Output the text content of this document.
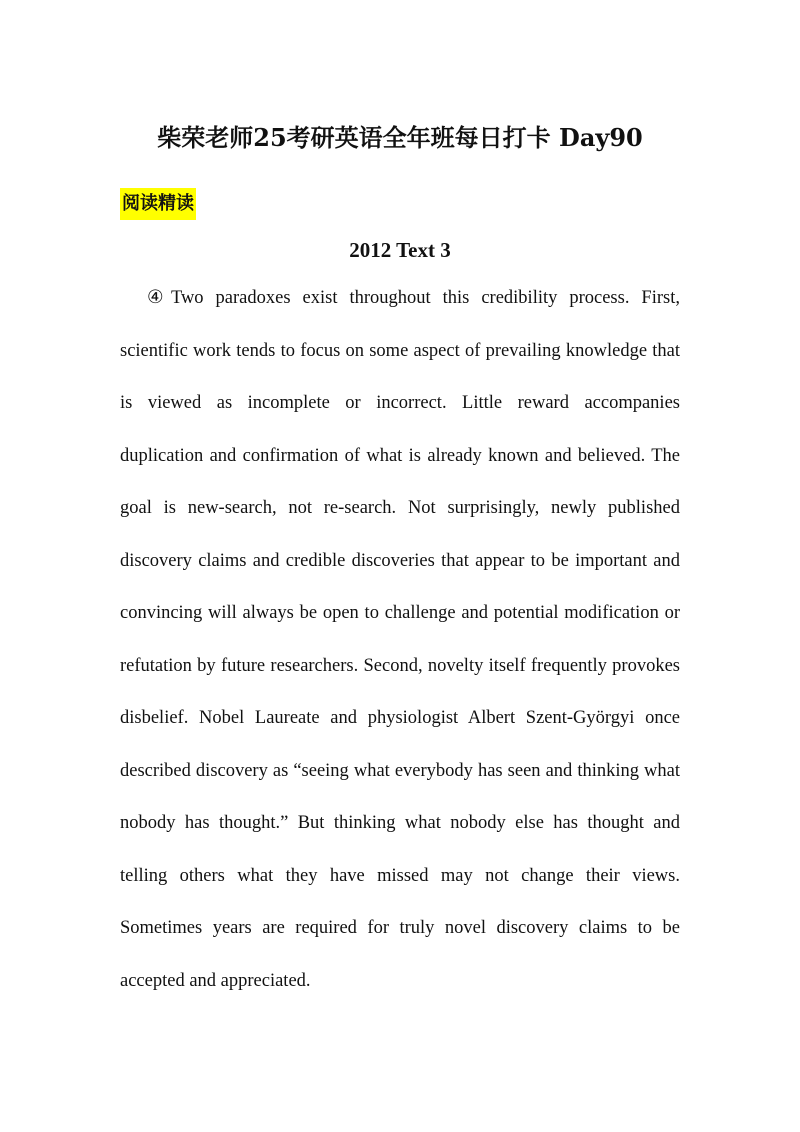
柴荣老师25考研英语全年班每日打卡 Day90
阅读精读
2012 Text 3

④Two paradoxes exist throughout this credibility process. First, scientific work tends to focus on some aspect of prevailing knowledge that is viewed as incomplete or incorrect. Little reward accompanies duplication and confirmation of what is already known and believed. The goal is new-search, not re-search. Not surprisingly, newly published discovery claims and credible discoveries that appear to be important and convincing will always be open to challenge and potential modification or refutation by future researchers. Second, novelty itself frequently provokes disbelief. Nobel Laureate and physiologist Albert Szent-Györgyi once described discovery as “seeing what everybody has seen and thinking what nobody has thought.” But thinking what nobody else has thought and telling others what they have missed may not change their views. Sometimes years are required for truly novel discovery claims to be accepted and appreciated.
